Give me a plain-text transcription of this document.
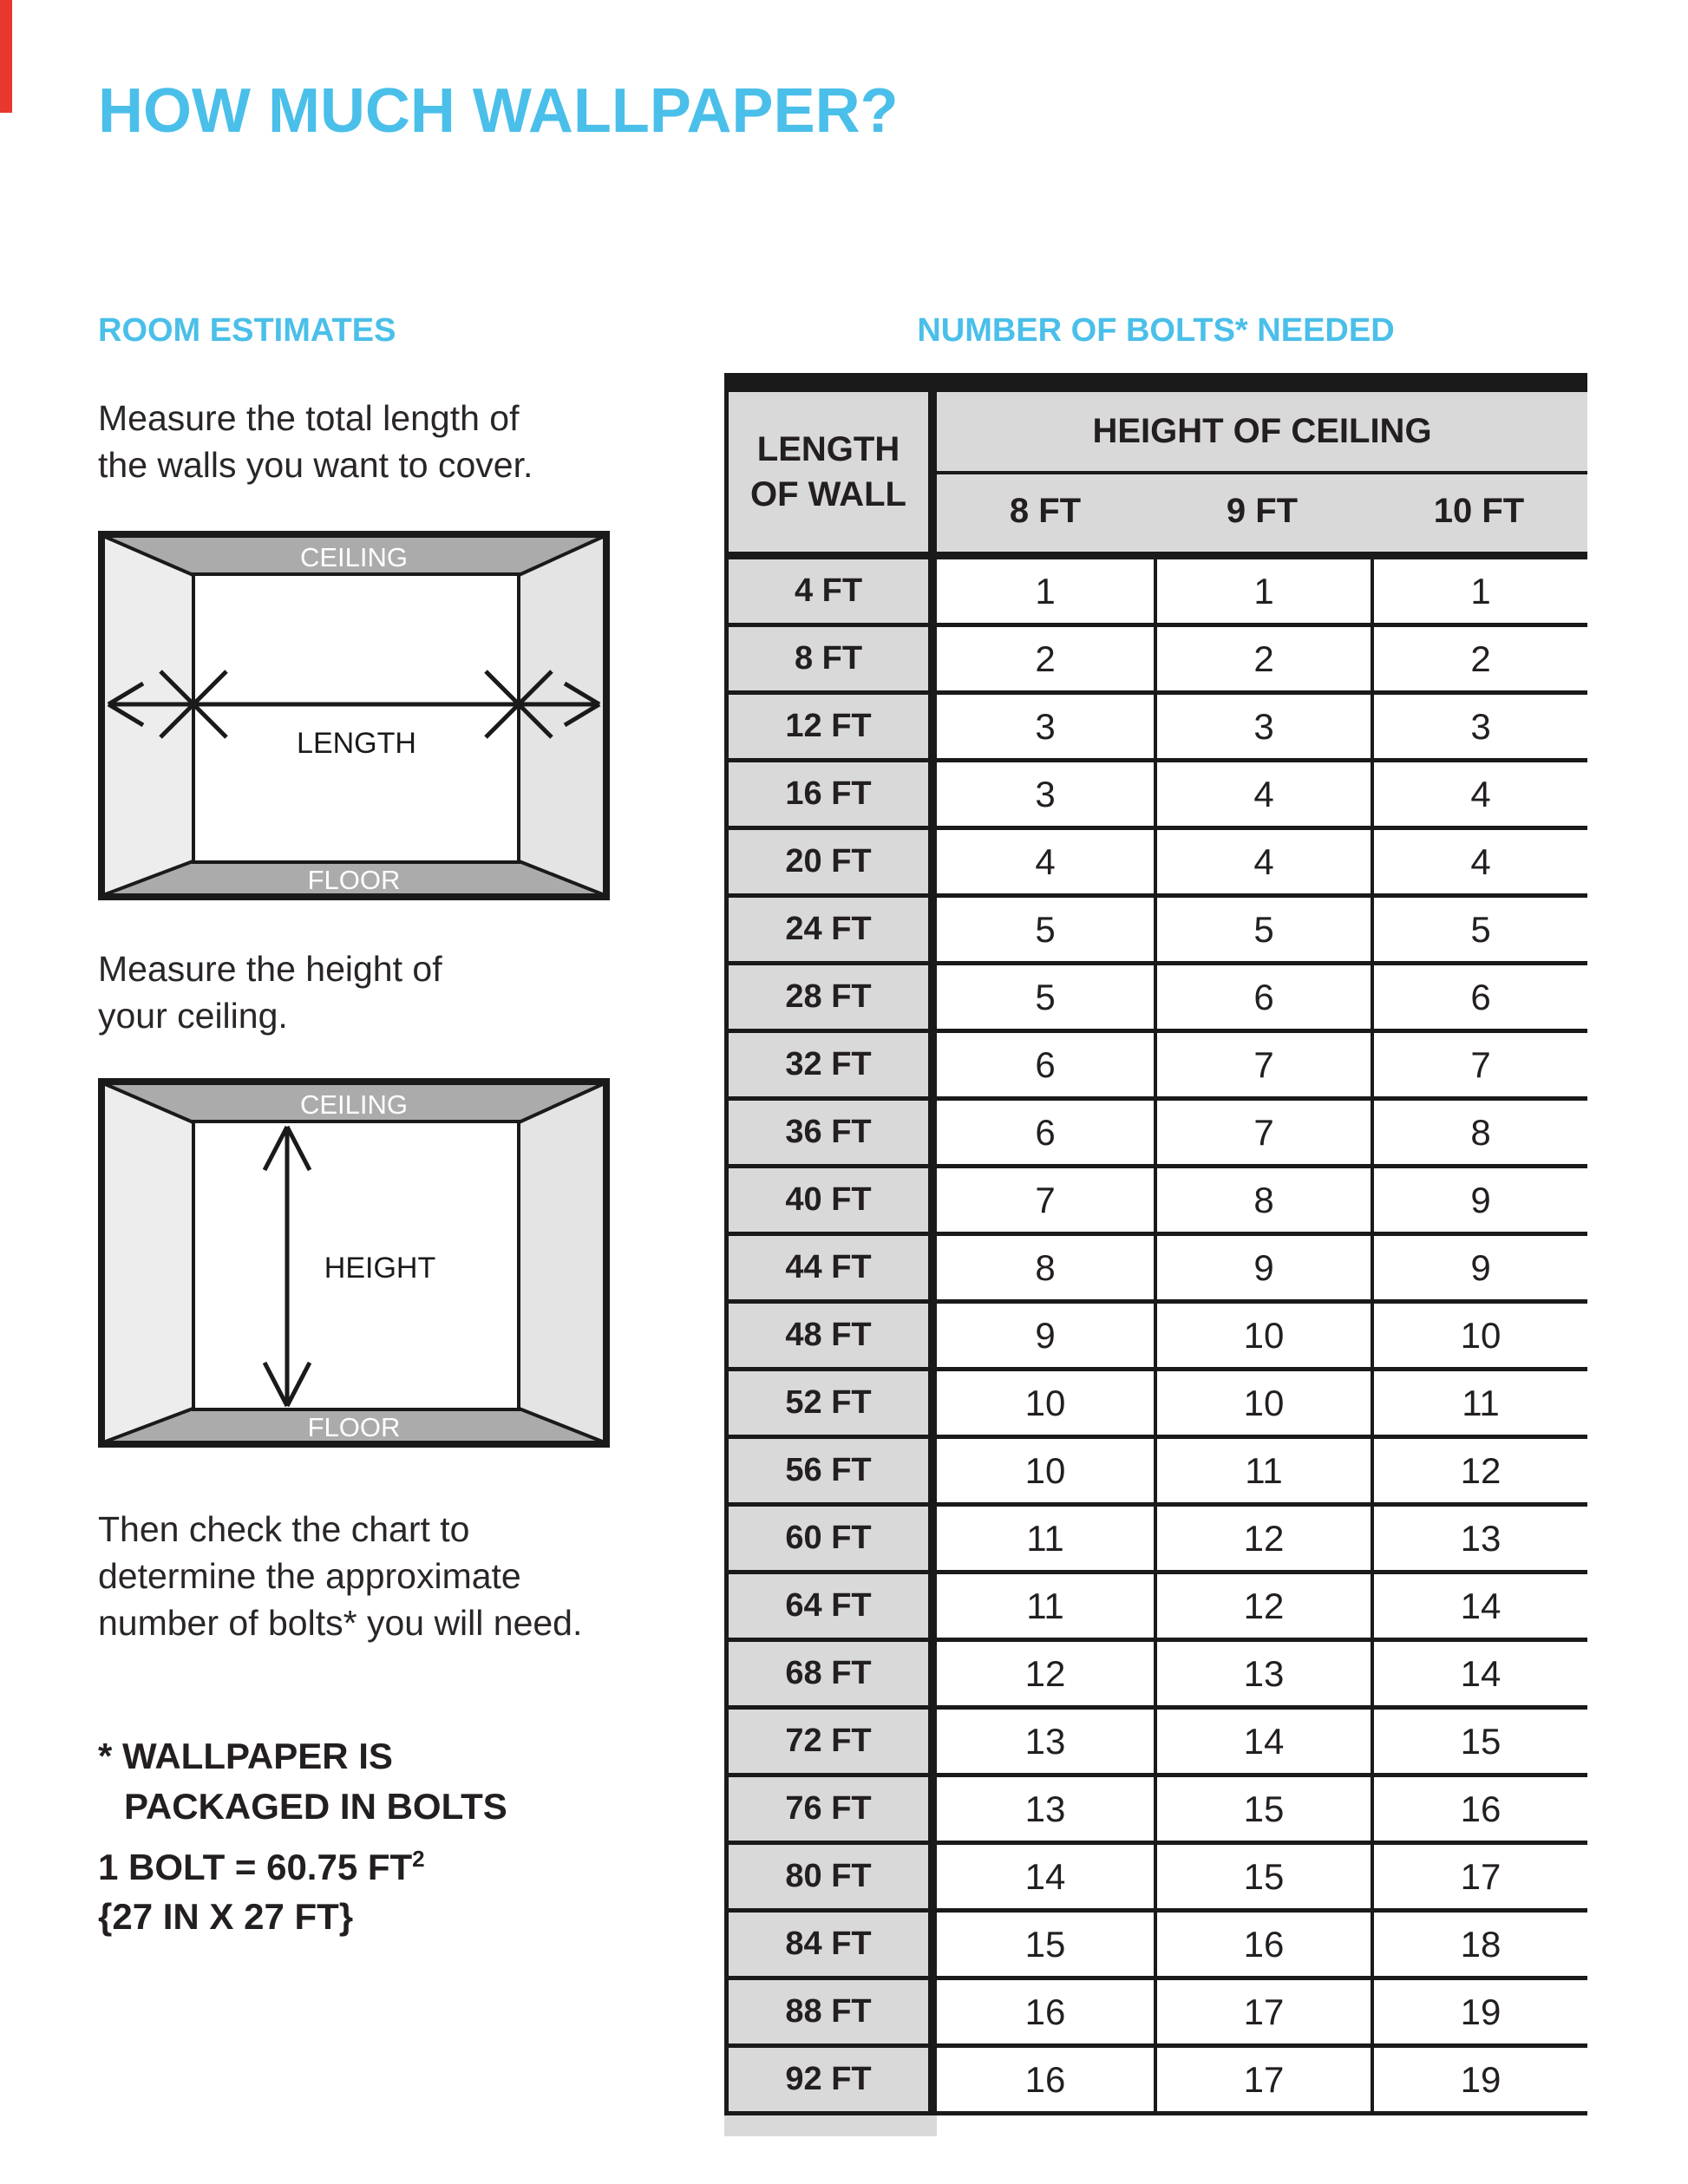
HOW MUCH WALLPAPER?
ROOM ESTIMATES
Measure the total length of
the walls you want to cover.
CEILING
LENGTH
FLOOR
Measure the height of
your ceiling.
CEILING
HEIGHT
FLOOR
Then check the chart to
determine the approximate
number of bolts* you will need.
* WALLPAPER IS
PACKAGED IN BOLTS
1 BOLT = 60.75 $FT^2$
{27 IN X 27 FT}
NUMBER OF BOLTS* NEEDED
LENGTH
OF WALL
HEIGHT OF CEILING
8 FT	9 FT	10 FT
4 FT	1	1	1
8 FT	2	2	2
12 FT	3	3	3
16 FT	3	4	4
20 FT	4	4	4
24 FT	5	5	5
28 FT	5	6	6
32 FT	6	7	7
36 FT	6	7	8
40 FT	7	8	9
44 FT	8	9	9
48 FT	9	10	10
52 FT	10	10	11
56 FT	10	11	12
60 FT	11	12	13
64 FT	11	12	14
68 FT	12	13	14
72 FT	13	14	15
76 FT	13	15	16
80 FT	14	15	17
84 FT	15	16	18
88 FT	16	17	19
92 FT	16	17	19
